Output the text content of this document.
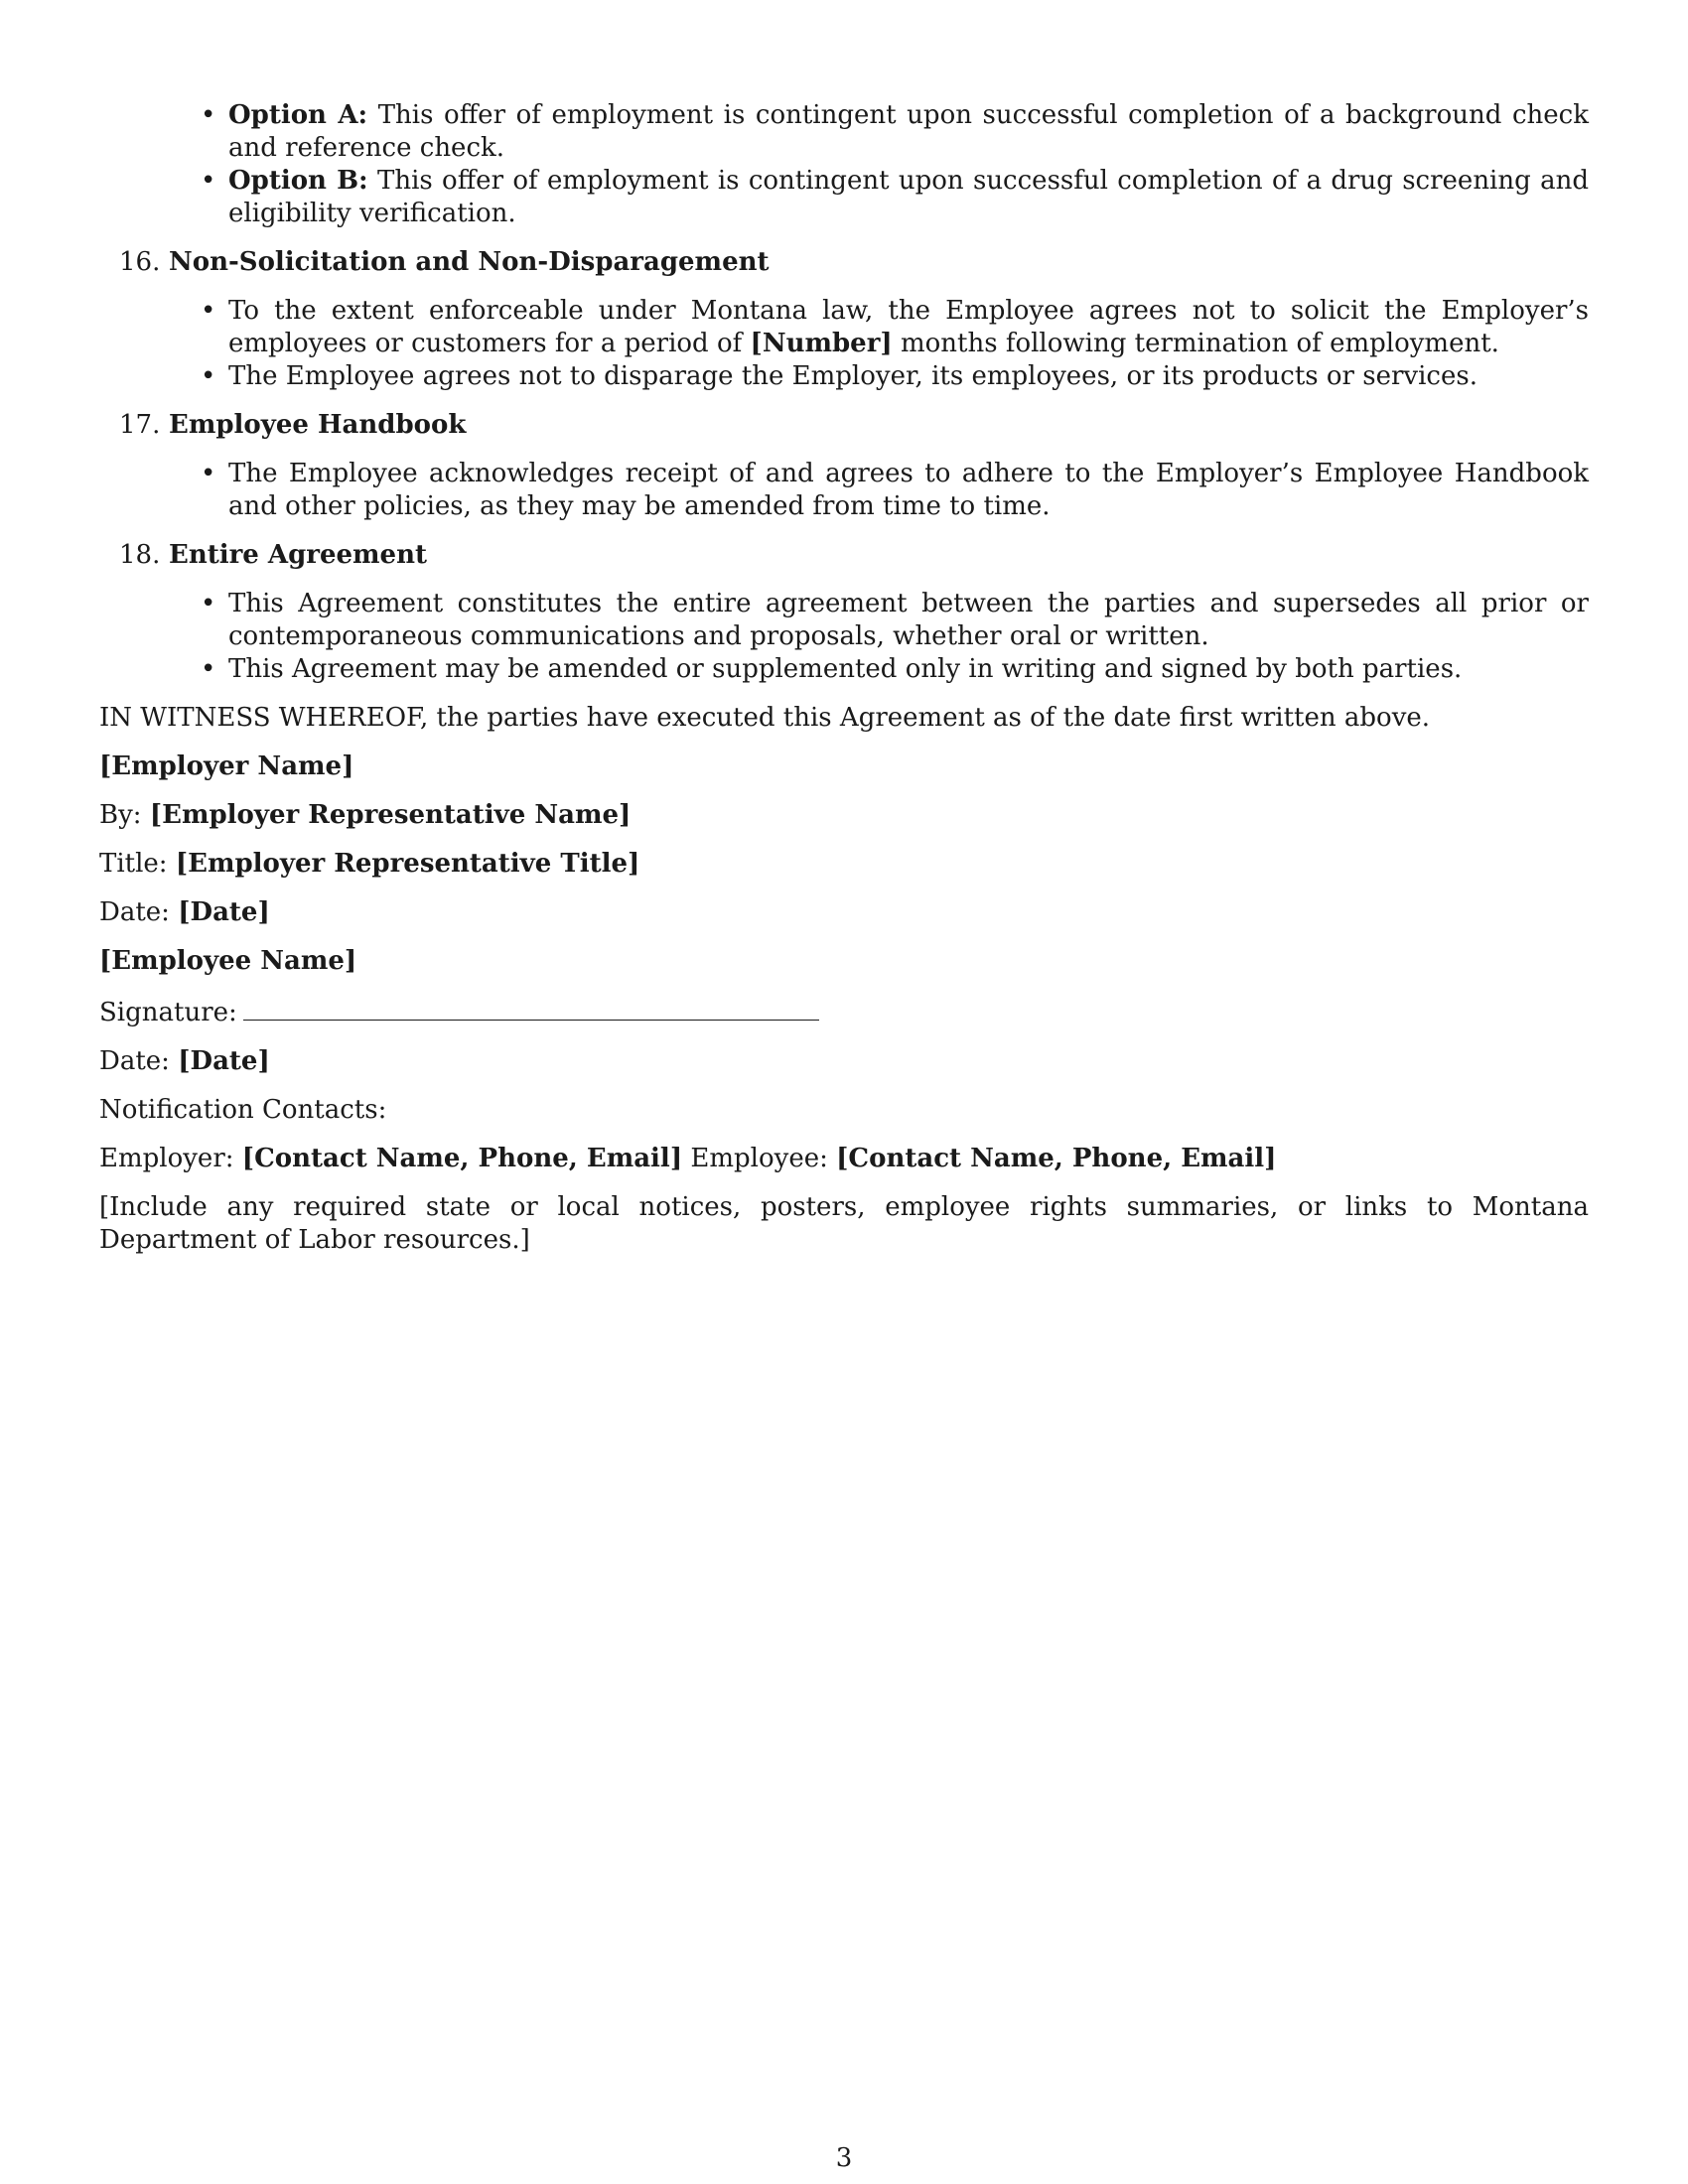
• Option A: This offer of employment is contingent upon successful completion of a background check and reference check.
• Option B: This offer of employment is contingent upon successful completion of a drug screening and eligibility verification.
16. Non-Solicitation and Non-Disparagement
• To the extent enforceable under Montana law, the Employee agrees not to solicit the Employer’s employees or customers for a period of [Number] months following termination of employment.
• The Employee agrees not to disparage the Employer, its employees, or its products or services.
17. Employee Handbook
• The Employee acknowledges receipt of and agrees to adhere to the Employer’s Employee Handbook and other policies, as they may be amended from time to time.
18. Entire Agreement
• This Agreement constitutes the entire agreement between the parties and supersedes all prior or contemporaneous communications and proposals, whether oral or written.
• This Agreement may be amended or supplemented only in writing and signed by both parties.

IN WITNESS WHEREOF, the parties have executed this Agreement as of the date first written above.

[Employer Name]

By: [Employer Representative Name]

Title: [Employer Representative Title]

Date: [Date]

[Employee Name]

Signature:

Date: [Date]

Notification Contacts:

Employer: [Contact Name, Phone, Email] Employee: [Contact Name, Phone, Email]

[Include any required state or local notices, posters, employee rights summaries, or links to Montana Department of Labor resources.]

3
